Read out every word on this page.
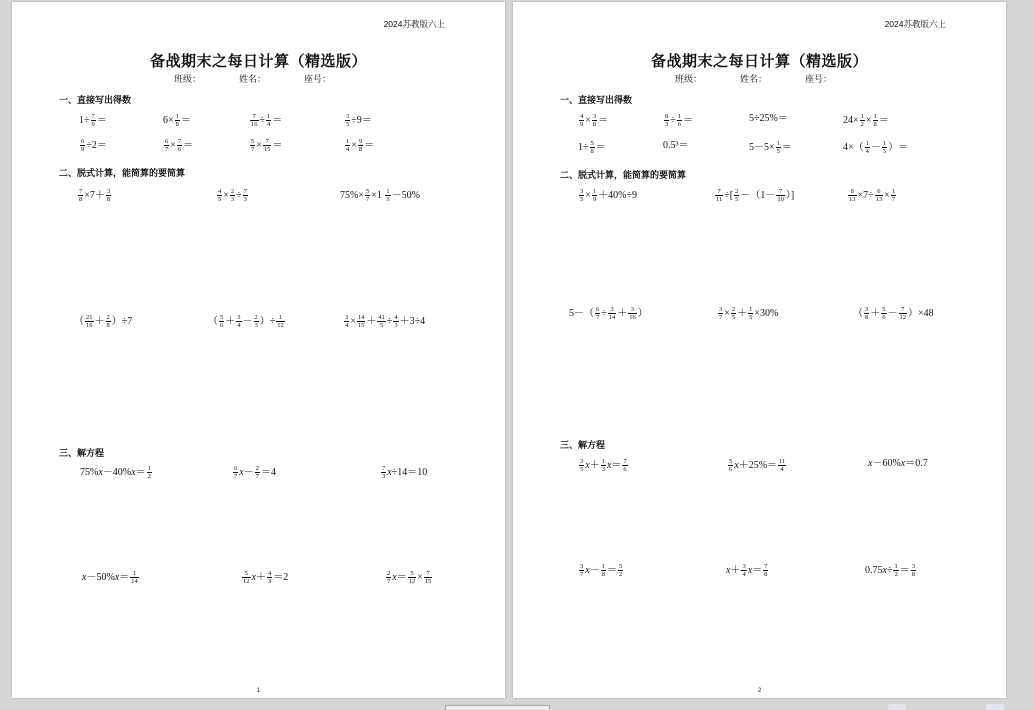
2024苏教版六上
备战期末之每日计算（精选版）
班级：	姓名：	座号：
一、直接写出得数
二、脱式计算，能简算的要简算
三、解方程
$1\div \frac{7}{9}$ ＝	$6\times \frac{1}{8}$ ＝	$\frac{7}{16} \div \frac{1}{4}$ ＝	$\frac{3}{5} \div 9=$
$\frac{6}{9} \div 2=$	$\frac{6}{7} \times \frac{7}{6}$ ＝	$\frac{5}{7} \times \frac{7}{15}$ ＝	$\frac{1}{4} \times \frac{9}{8}$ ＝
$\frac{7}{8} \times 7+ \frac{3}{8}$	$\frac{4}{5} \times \frac{2}{3} \div \frac{7}{3}$	$75\%\times \frac{5}{7} \times 1 \frac{1}{3} -50\%$
（ $\frac{21}{16} + \frac{2}{8} )\div 7$	（ $\frac{5}{6} + \frac{3}{4} - \frac{2}{3}$ ）÷ $\frac{1}{12}$	$\frac{3}{4} \times \frac{14}{15} + \frac{41}{5} \div \frac{4}{3} +3\div 4$
$75\%x-40\%x= \frac{1}{2}$	$\frac{6}{7} x- \frac{2}{7} =4$	$\frac{7}{3} x\div 14=10$
$x-50\%x= \frac{1}{14}$	$\frac{5}{12} x+ \frac{4}{3} =2$	$\frac{2}{7} x= \frac{5}{12} \times \frac{7}{15}$
1
2024苏教版六上
备战期末之每日计算（精选版）
班级：	姓名：	座号：
一、直接写出得数
二、脱式计算，能简算的要简算
三、解方程
$\frac{4}{9} \times \frac{3}{8}$ ＝	$\frac{8}{3} \div \frac{1}{6}$ ＝	5÷25%＝	$24\times \frac{1}{2} \times \frac{1}{8}$ ＝
$1\div \frac{5}{8}$ ＝	0.5³＝	$5-5\times \frac{1}{5}$ ＝	$4\times( \frac{1}{4} - \frac{1}{5}$ ）＝
$\frac{3}{5} \times \frac{1}{9} +40\%\div 9$	$\frac{7}{11}$ ÷[ $\frac{2}{5} -(1- \frac{7}{10}$ ）]	$\frac{8}{13} \times 7\div \frac{6}{13} \times \frac{1}{7}$
$5-( \frac{6}{7} \div \frac{3}{14} + \frac{3}{16}$ ）	$\frac{3}{7} \times \frac{2}{5} + \frac{1}{5} \times 30\%$	（ $\frac{3}{8} + \frac{5}{6} - \frac{7}{12} )\times 48$
$\frac{3}{5} x+ \frac{1}{3} x= \frac{7}{6}$	$\frac{5}{6} x+25\%= \frac{11}{4}$	x－60%x＝0.7
$\frac{3}{7} x- \frac{1}{8} = \frac{5}{2}$	$x+ \frac{3}{4} x= \frac{7}{8}$	$0.75x\div \frac{1}{2} = \frac{3}{8}$
2
